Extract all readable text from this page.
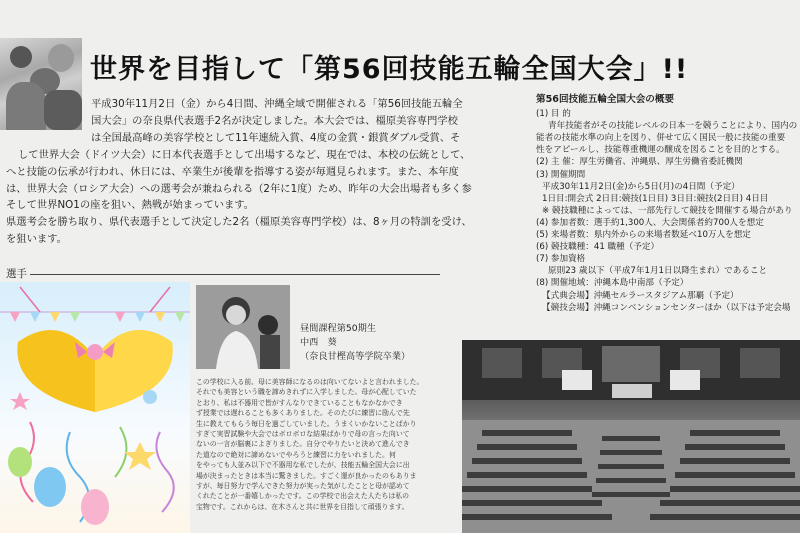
世界を目指して「第56回技能五輪全国大会」!!
平成30年11月2日（金）から4日間、沖縄全域で開催される「第56回技能五輪全
国大会」の奈良県代表選手2名が決定しました。本大会では、橿原美容専門学校
は全国最高峰の美容学校として11年連続入賞、4度の金賞・銀賞ダブル受賞、そ
して世界大会（ドイツ大会）に日本代表選手として出場するなど、現在では、本校の伝統として、
へと技能の伝承が行われ、休日には、卒業生が後輩を指導する姿が毎週見られます。また、本年度
は、世界大会（ロシア大会）への選考会が兼ねられる（2年に1度）ため、昨年の大会出場者も多く参
そして世界NO1の座を狙い、熱戦が始まっています。
県選考会を勝ち取り、県代表選手として決定した2名（橿原美容専門学校）は、8ヶ月の特訓を受け、
を狙います。
第56回技能五輪全国大会の概要
(1) 目 的
青年技能者がその技能レベルの日本一を競うことにより、国内の
能者の技能水準の向上を図り、併せて広く国民一般に技能の重要
性をアピールし、技能尊重機運の醸成を図ることを目的とする。
(2) 主 催：厚生労働省、沖縄県、厚生労働省委託機関
(3) 開催期間
平成30年11月2日(金)から5日(月)の4日間（予定）
1日目:開会式 2日目:競技(1日目) 3日目:競技(2日目) 4日目
※ 競技職種によっては、一部先行して競技を開催する場合があり
(4) 参加者数：選手約1,300人、大会関係者約700人を想定
(5) 来場者数：県内外からの来場者数延べ10万人を想定
(6) 競技職種：41 職種（予定）
(7) 参加資格
原則23 歳以下（平成7年1月1日以降生まれ）であること
(8) 開催地域：沖縄本島中南部（予定）
【式典会場】沖縄セルラースタジアム那覇（予定）
【競技会場】沖縄コンベンションセンターほか（以下は予定会場
選手
昼間課程第50期生
中西　葵
（奈良甘樫高等学院卒業）
この学校に入る前、母に美容師になるのは向いてないよと言われました。
それでも美容という職を諦めきれずに入学しました。母が心配していた
とおり、私は不器用で皆がすんなりできていることもなかなかでき
ず授業では遅れることも多くありました。そのたびに練習に励んで先
生に教えてもらう毎日を過ごしていました。うまくいかないことばかり
すぎて実習試験や大会ではボロボロな結果ばかりで母の言った向いて
ないの一言が脳裏によぎりました。自分でやりたいと決めて進んでき
た道なので絶対に諦めないでやろうと練習に力をいれました。何
をやっても人並み以下で不器用な私でしたが、技能五輪全国大会に出
場が決まったときは本当に驚きました。すごく運が良かったのもありま
すが、毎日努力で学んできた努力が実った気がしたことと母が認めて
くれたことが一番嬉しかったです。この学校で出会えた人たちは私の
宝物です。これからは、在木さんと共に世界を目指して頑張ります。
